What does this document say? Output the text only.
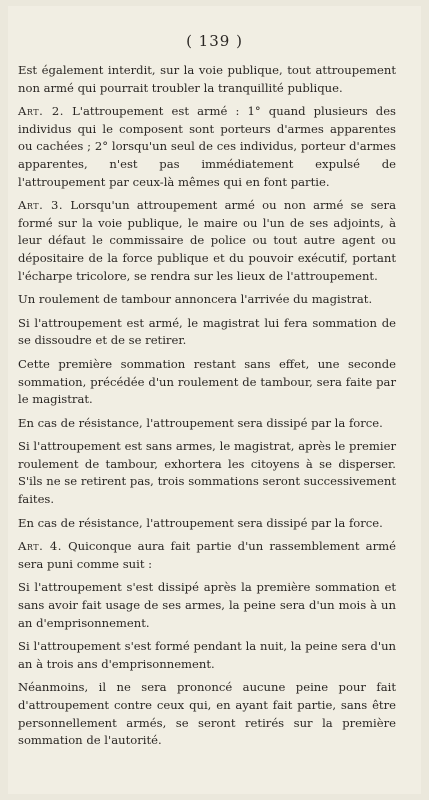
( 139 )

Est également interdit, sur la voie publique, tout attroupement non armé qui pourrait troubler la tranquillité publique.

Art. 2. L'attroupement est armé : 1° quand plusieurs des individus qui le composent sont porteurs d'armes apparentes ou cachées ; 2° lorsqu'un seul de ces individus, porteur d'armes apparentes, n'est pas immédiatement expulsé de l'attroupement par ceux-là mêmes qui en font partie.

Art. 3. Lorsqu'un attroupement armé ou non armé se sera formé sur la voie publique, le maire ou l'un de ses adjoints, à leur défaut le commissaire de police ou tout autre agent ou dépositaire de la force publique et du pouvoir exécutif, portant l'écharpe tricolore, se rendra sur les lieux de l'attroupement.

Un roulement de tambour annoncera l'arrivée du magistrat.

Si l'attroupement est armé, le magistrat lui fera sommation de se dissoudre et de se retirer.

Cette première sommation restant sans effet, une seconde sommation, précédée d'un roulement de tambour, sera faite par le magistrat.

En cas de résistance, l'attroupement sera dissipé par la force.

Si l'attroupement est sans armes, le magistrat, après le premier roulement de tambour, exhortera les citoyens à se disperser. S'ils ne se retirent pas, trois sommations seront successivement faites.

En cas de résistance, l'attroupement sera dissipé par la force.

Art. 4. Quiconque aura fait partie d'un rassemblement armé sera puni comme suit :

Si l'attroupement s'est dissipé après la première sommation et sans avoir fait usage de ses armes, la peine sera d'un mois à un an d'emprisonnement.

Si l'attroupement s'est formé pendant la nuit, la peine sera d'un an à trois ans d'emprisonnement.

Néanmoins, il ne sera prononcé aucune peine pour fait d'attroupement contre ceux qui, en ayant fait partie, sans être personnellement armés, se seront retirés sur la première sommation de l'autorité.
